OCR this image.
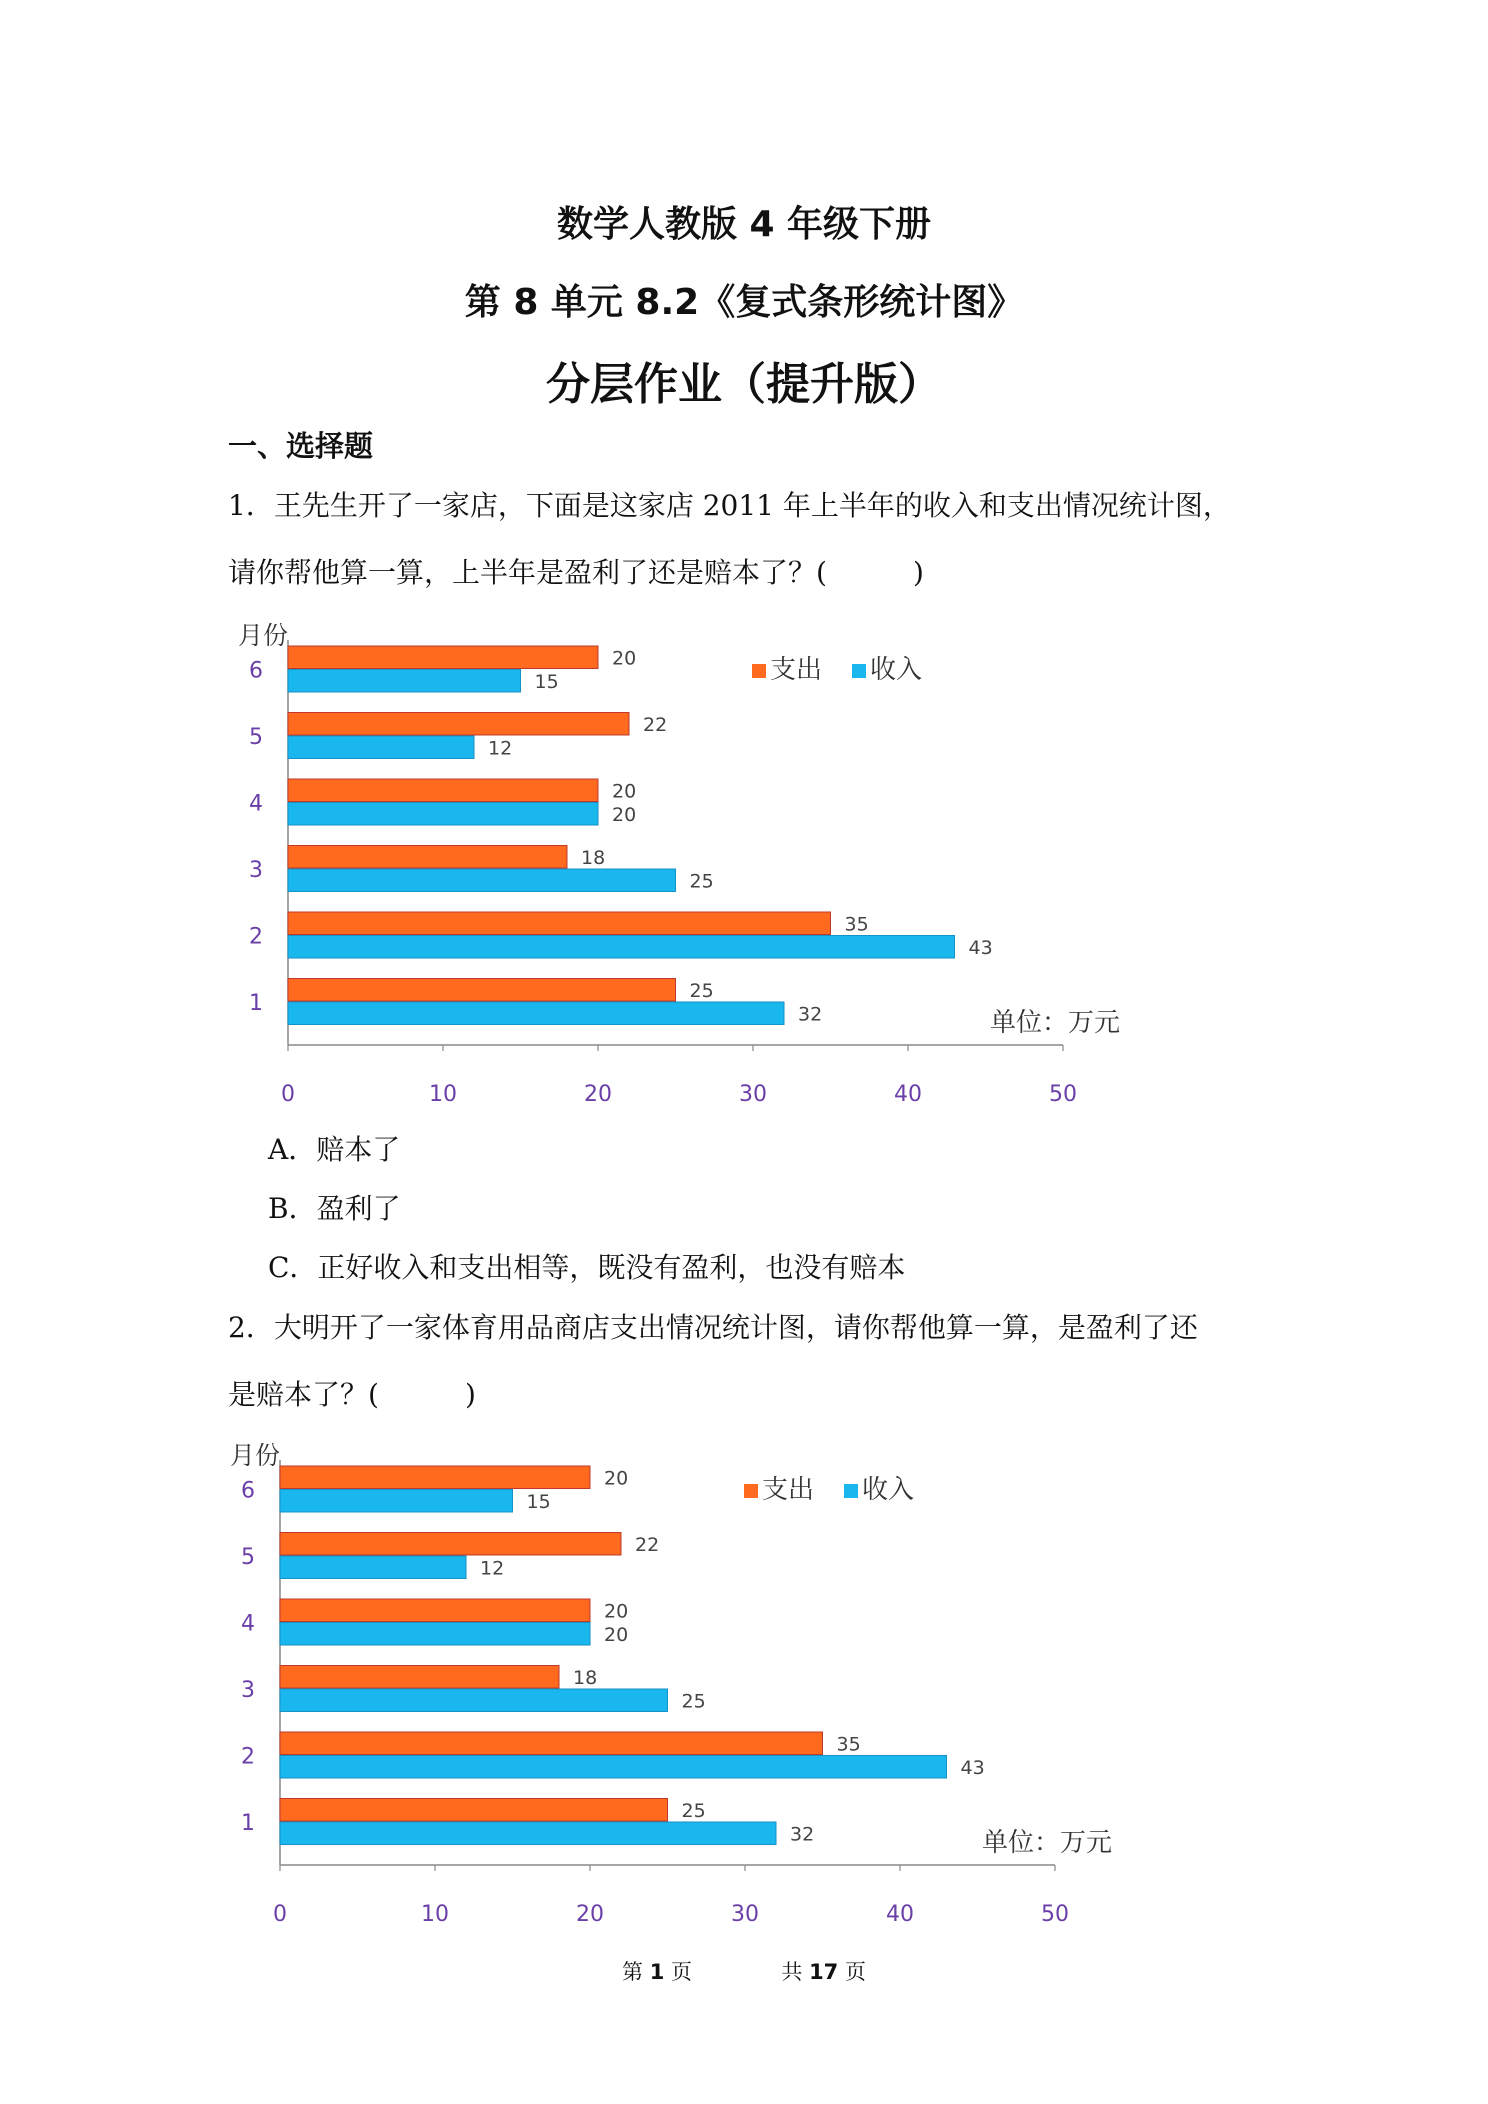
数学人教版 4 年级下册
第 8 单元 8.2《复式条形统计图》
分层作业（提升版）
一、选择题
1．王先生开了一家店，下面是这家店 2011 年上半年的收入和支出情况统计图，
请你帮他算一算，上半年是盈利了还是赔本了？(	)
月份
0	10	20	30	40	50
1	25
32
2	35
43
3	18
25
4	20
20
5	22
12
6	20
15	支出 收入
单位：万元
A．赔本了
B．盈利了
C．正好收入和支出相等，既没有盈利，也没有赔本
2．大明开了一家体育用品商店支出情况统计图，请你帮他算一算，是盈利了还
是赔本了？(	)
月份
0	10	20	30	40	50
1	25
32
2	35
43
3	18
25
4	20
20
5	22
12
6	20
15	支出 收入
单位：万元
第 1 页	共 17 页
